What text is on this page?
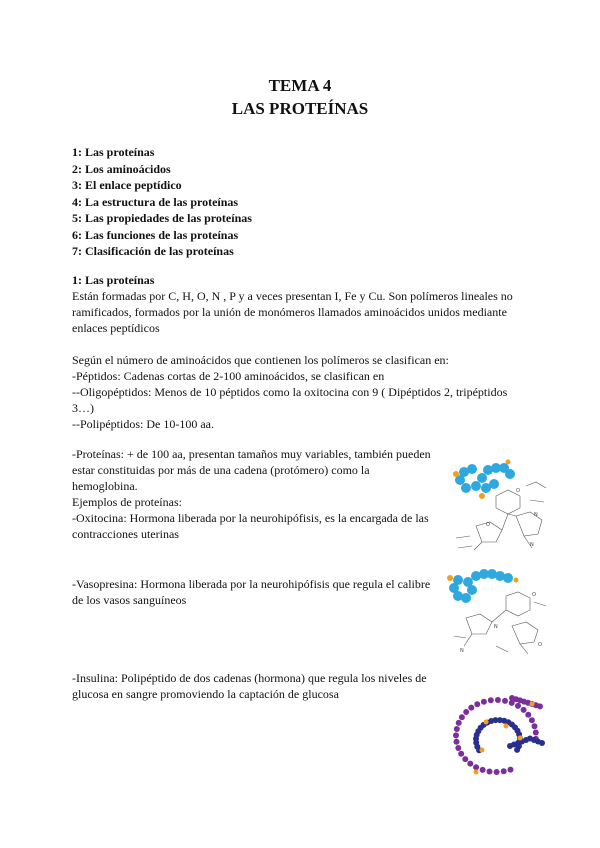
TEMA 4
LAS PROTEÍNAS
1: Las proteínas
2: Los aminoácidos
3: El enlace peptídico
4: La estructura de las proteínas
5: Las propiedades de las proteínas
6: Las funciones de las proteínas
7: Clasificación de las proteínas
1: Las proteínas
Están formadas por C, H, O, N , P y a veces presentan I, Fe y Cu. Son polímeros lineales no
ramificados, formados por la unión de monómeros llamados aminoácidos unidos mediante
enlaces peptídicos
Según el número de aminoácidos que contienen los polímeros se clasifican en:
-Péptidos: Cadenas cortas de 2-100 aminoácidos, se clasifican en
--Oligopéptidos: Menos de 10 péptidos como la oxitocina con 9 ( Dipéptidos 2, tripéptidos
3…)
--Polipéptidos: De 10-100 aa.
-Proteínas: + de 100 aa, presentan tamaños muy variables, también pueden
estar constituidas por más de una cadena (protómero) como la
hemoglobina.
Ejemplos de proteínas:
-Oxitocina: Hormona liberada por la neurohipófisis, es la encargada de las
contracciones uterinas
-Vasopresina: Hormona liberada por la neurohipófisis que regula el calibre
de los vasos sanguíneos
-Insulina: Polipéptido de dos cadenas (hormona) que regula los niveles de
glucosa en sangre promoviendo la captación de glucosa
O
N
O
N
O
N
O
N
